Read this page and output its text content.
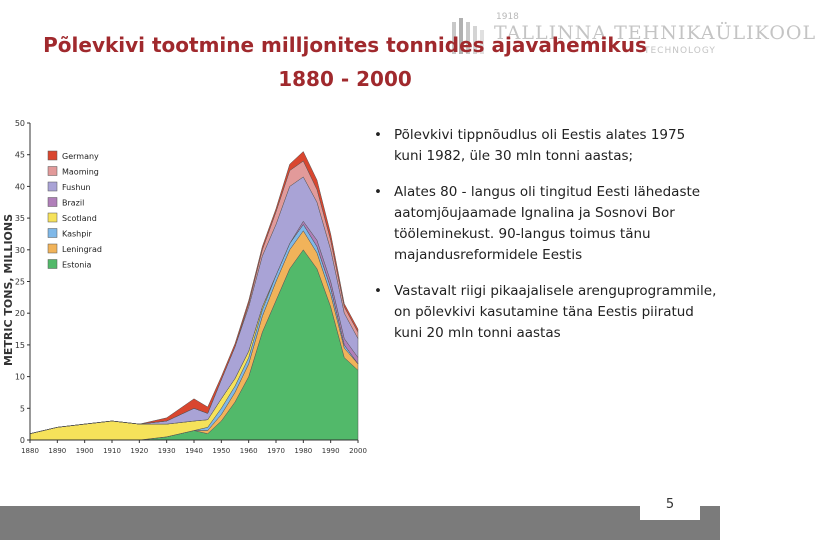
1918
TALLINNA TEHNIKAÜLIKOOL
TECHNOLOGY
Põlevkivi tootmine milljonites tonnides ajavahemikus
1880 - 2000
METRIC TONS, MILLIONS
0
5
10
15
20
25
30
35
40
45
50
1880 1890 1900 1910 1920 1930 1940 1950 1960 1970 1980 1990 2000
Germany
Maoming
Fushun
Brazil
Scotland
Kashpir
Leningrad
Estonia
• Põlevkivi tippnõudlus oli Eestis alates 1975 kuni 1982, üle 30 mln tonni aastas;
• Alates 80 - langus oli tingitud Eesti lähedaste aatomjõujaamade Ignalina ja Sosnovi Bor tööleminekust. 90-langus toimus tänu majandusreformidele Eestis
• Vastavalt riigi pikaajalisele arenguprogrammile, on põlevkivi kasutamine täna Eestis piiratud kuni 20 mln tonni aastas
5
